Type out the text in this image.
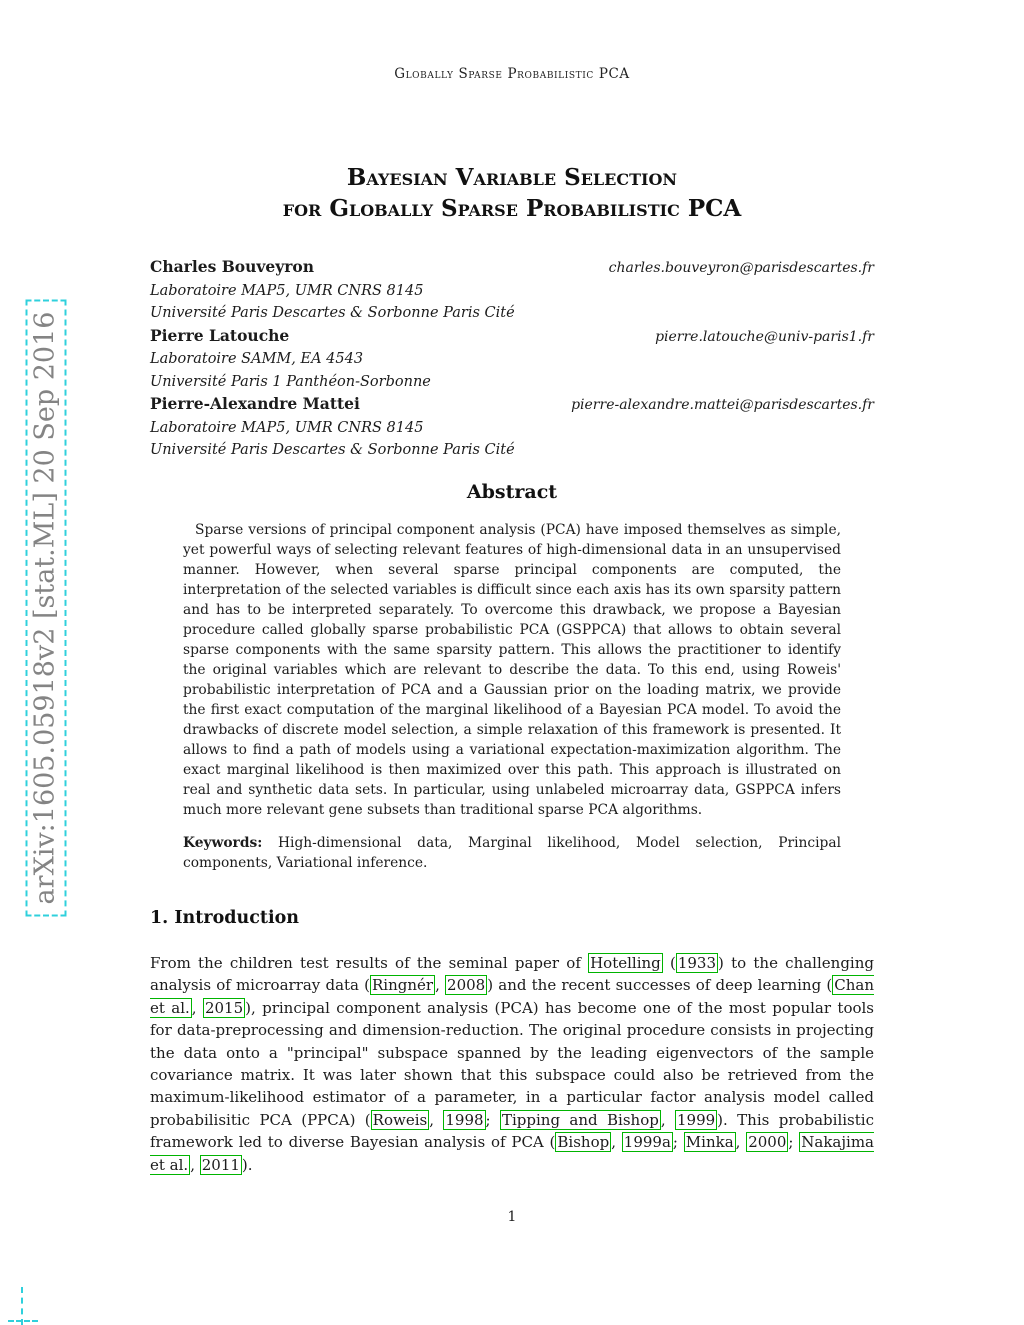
Globally Sparse Probabilistic PCA
arXiv:1605.05918v2 [stat.ML] 20 Sep 2016
Bayesian Variable Selection
for Globally Sparse Probabilistic PCA
Charles Bouveyron	charles.bouveyron@parisdescartes.fr
Laboratoire MAP5, UMR CNRS 8145
Université Paris Descartes & Sorbonne Paris Cité
Pierre Latouche	pierre.latouche@univ-paris1.fr
Laboratoire SAMM, EA 4543
Université Paris 1 Panthéon-Sorbonne
Pierre-Alexandre Mattei	pierre-alexandre.mattei@parisdescartes.fr
Laboratoire MAP5, UMR CNRS 8145
Université Paris Descartes & Sorbonne Paris Cité
Abstract

Sparse versions of principal component analysis (PCA) have imposed themselves as simple, yet powerful ways of selecting relevant features of high-dimensional data in an unsupervised manner. However, when several sparse principal components are computed, the interpretation of the selected variables is difficult since each axis has its own sparsity pattern and has to be interpreted separately. To overcome this drawback, we propose a Bayesian procedure called globally sparse probabilistic PCA (GSPPCA) that allows to obtain several sparse components with the same sparsity pattern. This allows the practitioner to identify the original variables which are relevant to describe the data. To this end, using Roweis' probabilistic interpretation of PCA and a Gaussian prior on the loading matrix, we provide the first exact computation of the marginal likelihood of a Bayesian PCA model. To avoid the drawbacks of discrete model selection, a simple relaxation of this framework is presented. It allows to find a path of models using a variational expectation-maximization algorithm. The exact marginal likelihood is then maximized over this path. This approach is illustrated on real and synthetic data sets. In particular, using unlabeled microarray data, GSPPCA infers much more relevant gene subsets than traditional sparse PCA algorithms.

Keywords: High-dimensional data, Marginal likelihood, Model selection, Principal components, Variational inference.

1. Introduction

From the children test results of the seminal paper of Hotelling ( 1933 ) to the challenging analysis of microarray data ( Ringnér , 2008 ) and the recent successes of deep learning ( Chan et al. , 2015 ), principal component analysis (PCA) has become one of the most popular tools for data-preprocessing and dimension-reduction. The original procedure consists in projecting the data onto a "principal" subspace spanned by the leading eigenvectors of the sample covariance matrix. It was later shown that this subspace could also be retrieved from the maximum-likelihood estimator of a parameter, in a particular factor analysis model called probabilisitic PCA (PPCA) ( Roweis , 1998 ; Tipping and Bishop , 1999 ). This probabilistic framework led to diverse Bayesian analysis of PCA ( Bishop , 1999a ; Minka , 2000 ; Nakajima et al. , 2011 ).

1
